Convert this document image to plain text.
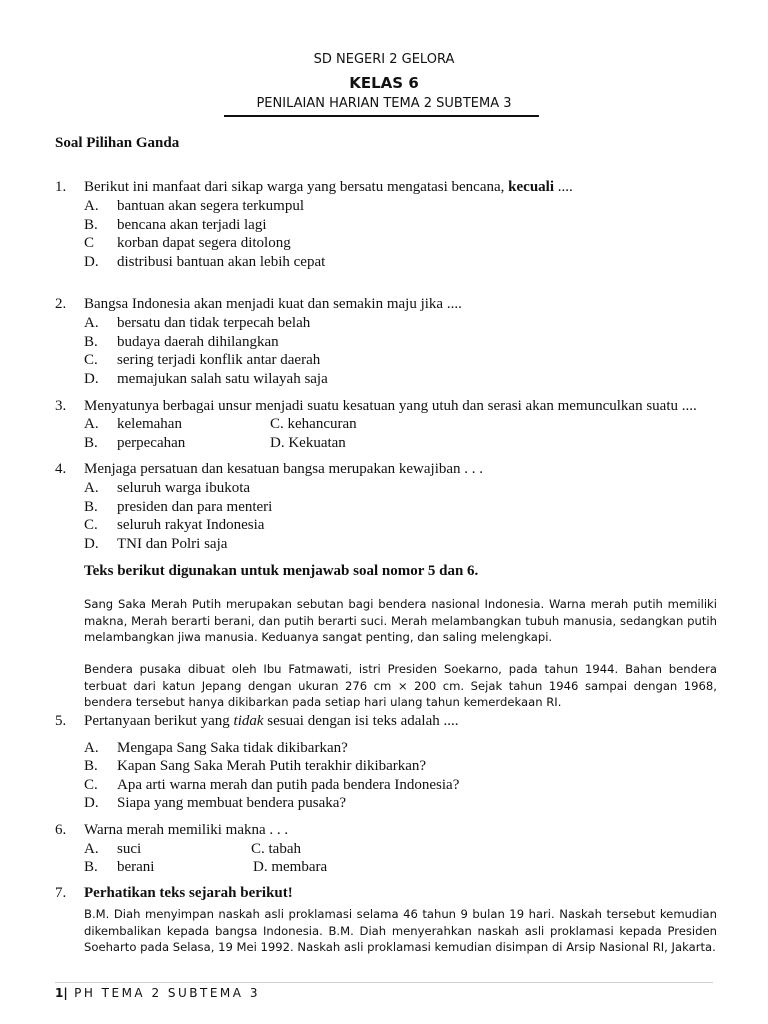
SD NEGERI 2 GELORA
KELAS 6
PENILAIAN HARIAN TEMA 2 SUBTEMA 3
Soal Pilihan Ganda
1. Berikut ini manfaat dari sikap warga yang bersatu mengatasi bencana, kecuali ....
A. bantuan akan segera terkumpul
B. bencana akan terjadi lagi
C korban dapat segera ditolong
D. distribusi bantuan akan lebih cepat
2. Bangsa Indonesia akan menjadi kuat dan semakin maju jika ....
A. bersatu dan tidak terpecah belah
B. budaya daerah dihilangkan
C. sering terjadi konflik antar daerah
D. memajukan salah satu wilayah saja
3. Menyatunya berbagai unsur menjadi suatu kesatuan yang utuh dan serasi akan memunculkan suatu ....
A. kelemahan
B. perpecahan
C. kehancuran
D. Kekuatan
4. Menjaga persatuan dan kesatuan bangsa merupakan kewajiban . . .
A. seluruh warga ibukota
B. presiden dan para menteri
C. seluruh rakyat Indonesia
D. TNI dan Polri saja
Teks berikut digunakan untuk menjawab soal nomor 5 dan 6.
Sang Saka Merah Putih merupakan sebutan bagi bendera nasional Indonesia. Warna merah putih memiliki makna, Merah berarti berani, dan putih berarti suci. Merah melambangkan tubuh manusia, sedangkan putih melambangkan jiwa manusia. Keduanya sangat penting, dan saling melengkapi.
Bendera pusaka dibuat oleh Ibu Fatmawati, istri Presiden Soekarno, pada tahun 1944. Bahan bendera terbuat dari katun Jepang dengan ukuran 276 cm × 200 cm. Sejak tahun 1946 sampai dengan 1968, bendera tersebut hanya dikibarkan pada setiap hari ulang tahun kemerdekaan RI.
5. Pertanyaan berikut yang tidak sesuai dengan isi teks adalah ....
A. Mengapa Sang Saka tidak dikibarkan?
B. Kapan Sang Saka Merah Putih terakhir dikibarkan?
C. Apa arti warna merah dan putih pada bendera Indonesia?
D. Siapa yang membuat bendera pusaka?
6. Warna merah memiliki makna . . .
A. suci
B. berani
C. tabah
D. membara
7. Perhatikan teks sejarah berikut!
B.M. Diah menyimpan naskah asli proklamasi selama 46 tahun 9 bulan 19 hari. Naskah tersebut kemudian dikembalikan kepada bangsa Indonesia. B.M. Diah menyerahkan naskah asli proklamasi kepada Presiden Soeharto pada Selasa, 19 Mei 1992. Naskah asli proklamasi kemudian disimpan di Arsip Nasional RI, Jakarta.
1| PH TEMA 2 SUBTEMA 3
